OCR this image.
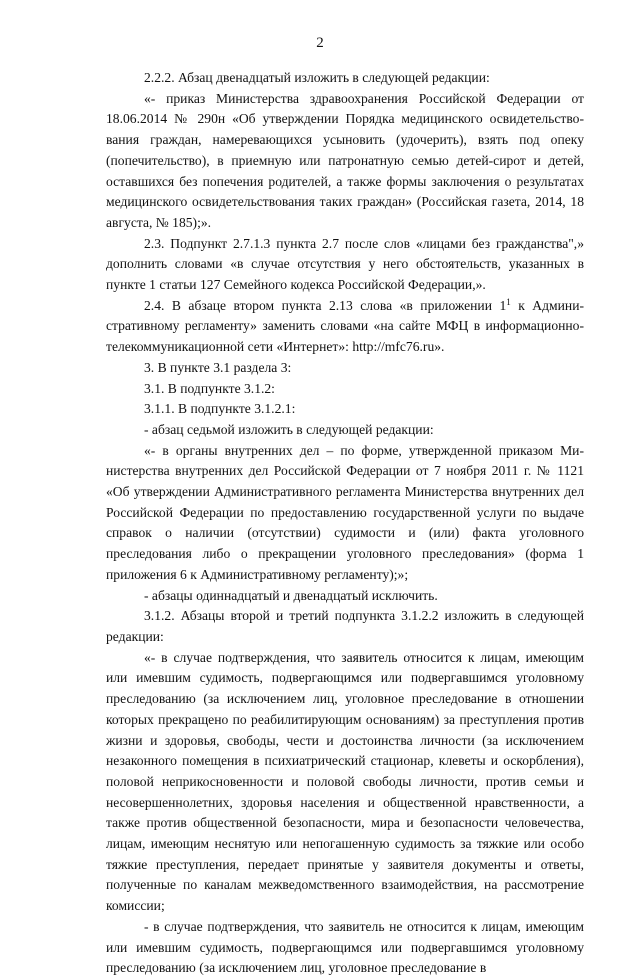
2

2.2.2. Абзац двенадцатый изложить в следующей редакции:

«- приказ Министерства здравоохранения Российской Федерации от 18.06.2014 № 290н «Об утверждении Порядка медицинского освидетельствования граждан, намеревающихся усыновить (удочерить), взять под опеку (попечительство), в приемную или патронатную семью детей-сирот и детей, оставшихся без попечения родителей, а также формы заключения о результатах медицинского освидетельствования таких граждан» (Российская газета, 2014, 18 августа, № 185);».

2.3. Подпункт 2.7.1.3 пункта 2.7 после слов «лицами без гражданства",» дополнить словами «в случае отсутствия у него обстоятельств, указанных в пункте 1 статьи 127 Семейного кодекса Российской Федерации,».

2.4. В абзаце втором пункта 2.13 слова «в приложении $1^1$ к Административному регламенту» заменить словами «на сайте МФЦ в информационно-телекоммуникационной сети «Интернет»: http://mfc76.ru».

3. В пункте 3.1 раздела 3:

3.1. В подпункте 3.1.2:

3.1.1. В подпункте 3.1.2.1:

- абзац седьмой изложить в следующей редакции:

«- в органы внутренних дел – по форме, утвержденной приказом Министерства внутренних дел Российской Федерации от 7 ноября 2011 г. № 1121 «Об утверждении Административного регламента Министерства внутренних дел Российской Федерации по предоставлению государственной услуги по выдаче справок о наличии (отсутствии) судимости и (или) факта уголовного преследования либо о прекращении уголовного преследования» (форма 1 приложения 6 к Административному регламенту);»;

- абзацы одиннадцатый и двенадцатый исключить.

3.1.2. Абзацы второй и третий подпункта 3.1.2.2 изложить в следующей редакции:

«- в случае подтверждения, что заявитель относится к лицам, имеющим или имевшим судимость, подвергающимся или подвергавшимся уголовному преследованию (за исключением лиц, уголовное преследование в отношении которых прекращено по реабилитирующим основаниям) за преступления против жизни и здоровья, свободы, чести и достоинства личности (за исключением незаконного помещения в психиатрический стационар, клеветы и оскорбления), половой неприкосновенности и половой свободы личности, против семьи и несовершеннолетних, здоровья населения и общественной нравственности, а также против общественной безопасности, мира и безопасности человечества, лицам, имеющим неснятую или непогашенную судимость за тяжкие или особо тяжкие преступления, передает принятые у заявителя документы и ответы, полученные по каналам межведомственного взаимодействия, на рассмотрение комиссии;

- в случае подтверждения, что заявитель не относится к лицам, имеющим или имевшим судимость, подвергающимся или подвергавшимся уголовному преследованию (за исключением лиц, уголовное преследование в
